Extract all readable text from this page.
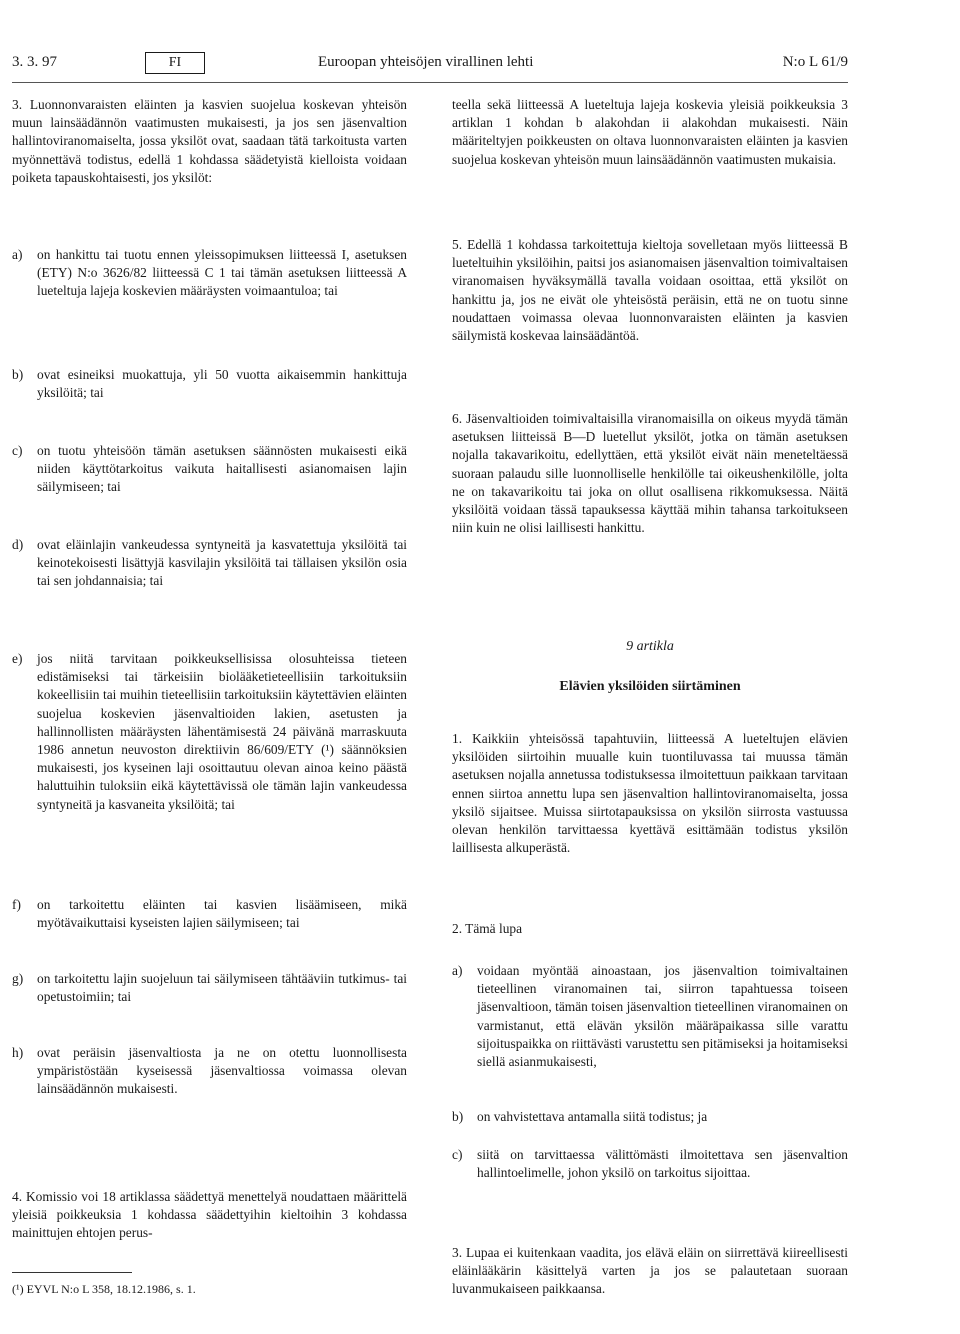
3. 3. 97	FI	Euroopan yhteisöjen virallinen lehti	N:o L 61/9

3. Luonnonvaraisten eläinten ja kasvien suojelua koskevan yhteisön muun lainsäädännön vaatimusten mukaisesti, ja jos sen jäsenvaltion hallintoviranomaiselta, jossa yksilöt ovat, saadaan tätä tarkoitusta varten myönnettävä todistus, edellä 1 kohdassa säädetyistä kielloista voidaan poiketa tapauskohtaisesti, jos yksilöt:

a) on hankittu tai tuotu ennen yleissopimuksen liitteessä I, asetuksen (ETY) N:o 3626/82 liitteessä C 1 tai tämän asetuksen liitteessä A lueteltuja lajeja koskevien määräysten voimaantuloa; tai
b) ovat esineiksi muokattuja, yli 50 vuotta aikaisemmin hankittuja yksilöitä; tai
c) on tuotu yhteisöön tämän asetuksen säännösten mukaisesti eikä niiden käyttötarkoitus vaikuta haitallisesti asianomaisen lajin säilymiseen; tai
d) ovat eläinlajin vankeudessa syntyneitä ja kasvatettuja yksilöitä tai keinotekoisesti lisättyjä kasvilajin yksilöitä tai tällaisen yksilön osia tai sen johdannaisia; tai
e) jos niitä tarvitaan poikkeuksellisissa olosuhteissa tieteen edistämiseksi tai tärkeisiin biolääketieteellisiin tarkoituksiin kokeellisiin tai muihin tieteellisiin tarkoituksiin käytettävien eläinten suojelua koskevien jäsenvaltioiden lakien, asetusten ja hallinnollisten määräysten lähentämisestä 24 päivänä marraskuuta 1986 annetun neuvoston direktiivin 86/609/ETY (¹) säännöksien mukaisesti, jos kyseinen laji osoittautuu olevan ainoa keino päästä haluttuihin tuloksiin eikä käytettävissä ole tämän lajin vankeudessa syntyneitä ja kasvaneita yksilöitä; tai
f) on tarkoitettu eläinten tai kasvien lisäämiseen, mikä myötävaikuttaisi kyseisten lajien säilymiseen; tai
g) on tarkoitettu lajin suojeluun tai säilymiseen tähtääviin tutkimus- tai opetustoimiin; tai
h) ovat peräisin jäsenvaltiosta ja ne on otettu luonnollisesta ympäristöstään kyseisessä jäsenvaltiossa voimassa olevan lainsäädännön mukaisesti.

4. Komissio voi 18 artiklassa säädettyä menettelyä noudattaen määrittelä yleisiä poikkeuksia 1 kohdassa säädettyihin kieltoihin 3 kohdassa mainittujen ehtojen perus-

teella sekä liitteessä A lueteltuja lajeja koskevia yleisiä poikkeuksia 3 artiklan 1 kohdan b alakohdan ii alakohdan mukaisesti. Näin määriteltyjen poikkeusten on oltava luonnonvaraisten eläinten ja kasvien suojelua koskevan yhteisön muun lainsäädännön vaatimusten mukaisia.

5. Edellä 1 kohdassa tarkoitettuja kieltoja sovelletaan myös liitteessä B lueteltuihin yksilöihin, paitsi jos asianomaisen jäsenvaltion toimivaltaisen viranomaisen hyväksymällä tavalla voidaan osoittaa, että yksilöt on hankittu ja, jos ne eivät ole yhteisöstä peräisin, että ne on tuotu sinne noudattaen voimassa olevaa luonnonvaraisten eläinten ja kasvien säilymistä koskevaa lainsäädäntöä.

6. Jäsenvaltioiden toimivaltaisilla viranomaisilla on oikeus myydä tämän asetuksen liitteissä B—D luetellut yksilöt, jotka on tämän asetuksen nojalla takavarikoitu, edellyttäen, että yksilöt eivät näin meneteltäessä suoraan palaudu sille luonnolliselle henkilölle tai oikeushenkilölle, jolta ne on takavarikoitu tai joka on ollut osallisena rikkomuksessa. Näitä yksilöitä voidaan tässä tapauksessa käyttää mihin tahansa tarkoitukseen niin kuin ne olisi laillisesti hankittu.

9 artikla
Elävien yksilöiden siirtäminen

1. Kaikkiin yhteisössä tapahtuviin, liitteessä A lueteltujen elävien yksilöiden siirtoihin muualle kuin tuontiluvassa tai muussa tämän asetuksen nojalla annetussa todistuksessa ilmoitettuun paikkaan tarvitaan ennen siirtoa annettu lupa sen jäsenvaltion hallintoviranomaiselta, jossa yksilö sijaitsee. Muissa siirtotapauksissa on yksilön siirrosta vastuussa olevan henkilön tarvittaessa kyettävä esittämään todistus yksilön laillisesta alkuperästä.

2. Tämä lupa

a) voidaan myöntää ainoastaan, jos jäsenvaltion toimivaltainen tieteellinen viranomainen tai, siirron tapahtuessa toiseen jäsenvaltioon, tämän toisen jäsenvaltion tieteellinen viranomainen on varmistanut, että elävän yksilön määräpaikassa sille varattu sijoituspaikka on riittävästi varustettu sen pitämiseksi ja hoitamiseksi siellä asianmukaisesti,
b) on vahvistettava antamalla siitä todistus; ja
c) siitä on tarvittaessa välittömästi ilmoitettava sen jäsenvaltion hallintoelimelle, johon yksilö on tarkoitus sijoittaa.

3. Lupaa ei kuitenkaan vaadita, jos elävä eläin on siirrettävä kiireellisesti eläinlääkärin käsittelyä varten ja jos se palautetaan suoraan luvanmukaiseen paikkaansa.

(¹) EYVL N:o L 358, 18.12.1986, s. 1.
